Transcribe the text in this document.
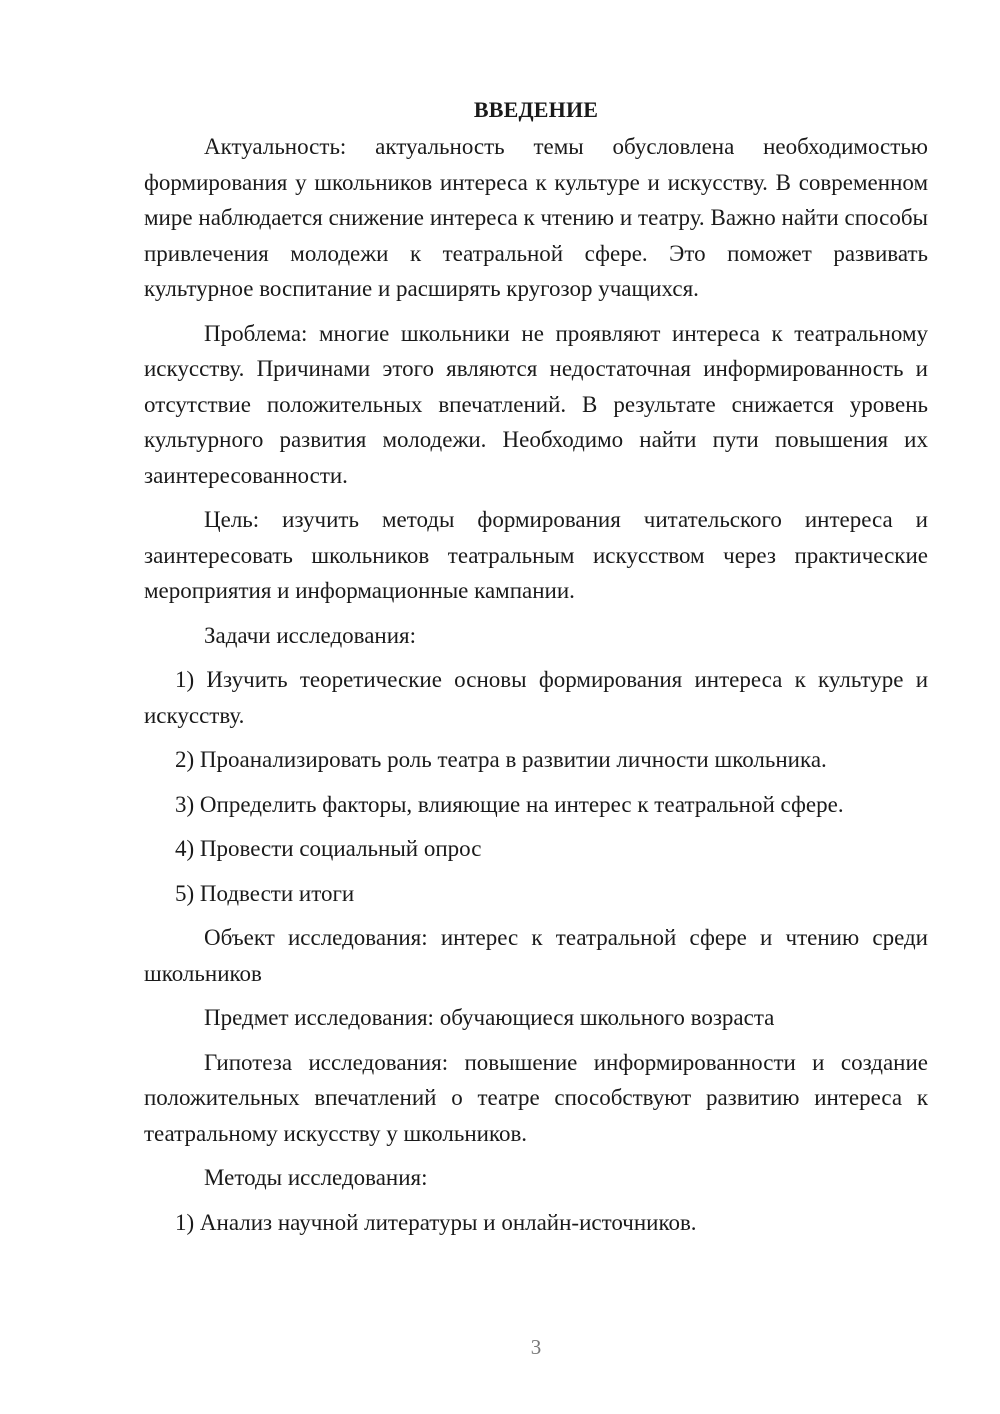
ВВЕДЕНИЕ

Актуальность: актуальность темы обусловлена необходимостью формирования у школьников интереса к культуре и искусству. В современном мире наблюдается снижение интереса к чтению и театру. Важно найти способы привлечения молодежи к театральной сфере. Это поможет развивать культурное воспитание и расширять кругозор учащихся.

Проблема: многие школьники не проявляют интереса к театральному искусству. Причинами этого являются недостаточная информированность и отсутствие положительных впечатлений. В результате снижается уровень культурного развития молодежи. Необходимо найти пути повышения их заинтересованности.

Цель: изучить методы формирования читательского интереса и заинтересовать школьников театральным искусством через практические мероприятия и информационные кампании.

Задачи исследования:

1) Изучить теоретические основы формирования интереса к культуре и искусству.

2) Проанализировать роль театра в развитии личности школьника.

3) Определить факторы, влияющие на интерес к театральной сфере.

4) Провести социальный опрос

5) Подвести итоги

Объект исследования: интерес к театральной сфере и чтению среди школьников

Предмет исследования: обучающиеся школьного возраста

Гипотеза исследования: повышение информированности и создание положительных впечатлений о театре способствуют развитию интереса к театральному искусству у школьников.

Методы исследования:

1) Анализ научной литературы и онлайн-источников.

3
